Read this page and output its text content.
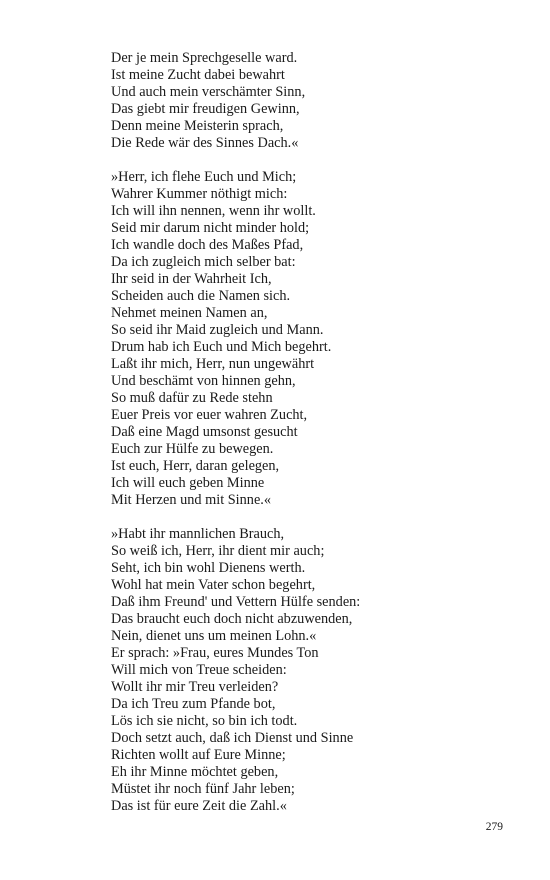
Der je mein Sprechgeselle ward.
Ist meine Zucht dabei bewahrt
Und auch mein verschämter Sinn,
Das giebt mir freudigen Gewinn,
Denn meine Meisterin sprach,
Die Rede wär des Sinnes Dach.«

»Herr, ich flehe Euch und Mich;
Wahrer Kummer nöthigt mich:
Ich will ihn nennen, wenn ihr wollt.
Seid mir darum nicht minder hold;
Ich wandle doch des Maßes Pfad,
Da ich zugleich mich selber bat:
Ihr seid in der Wahrheit Ich,
Scheiden auch die Namen sich.
Nehmet meinen Namen an,
So seid ihr Maid zugleich und Mann.
Drum hab ich Euch und Mich begehrt.
Laßt ihr mich, Herr, nun ungewährt
Und beschämt von hinnen gehn,
So muß dafür zu Rede stehn
Euer Preis vor euer wahren Zucht,
Daß eine Magd umsonst gesucht
Euch zur Hülfe zu bewegen.
Ist euch, Herr, daran gelegen,
Ich will euch geben Minne
Mit Herzen und mit Sinne.«

»Habt ihr mannlichen Brauch,
So weiß ich, Herr, ihr dient mir auch;
Seht, ich bin wohl Dienens werth.
Wohl hat mein Vater schon begehrt,
Daß ihm Freund' und Vettern Hülfe senden:
Das braucht euch doch nicht abzuwenden,
Nein, dienet uns um meinen Lohn.«
Er sprach: »Frau, eures Mundes Ton
Will mich von Treue scheiden:
Wollt ihr mir Treu verleiden?
Da ich Treu zum Pfande bot,
Lös ich sie nicht, so bin ich todt.
Doch setzt auch, daß ich Dienst und Sinne
Richten wollt auf Eure Minne;
Eh ihr Minne möchtet geben,
Müstet ihr noch fünf Jahr leben;
Das ist für eure Zeit die Zahl.«

279
